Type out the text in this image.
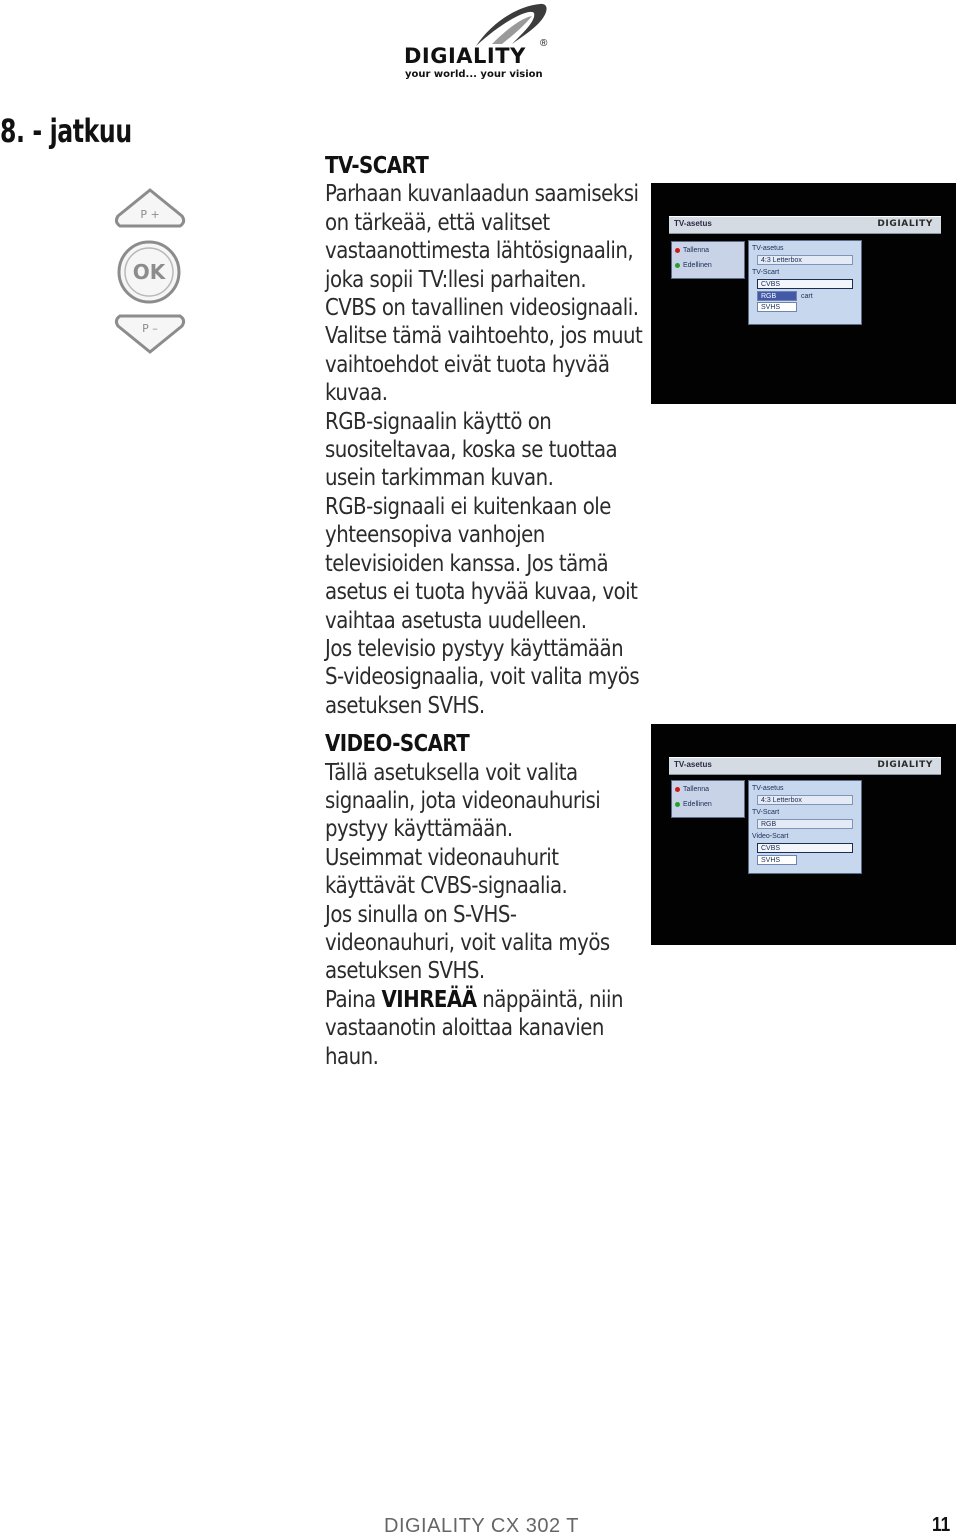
DIGIALITY
®
your world... your vision
8. - jatkuu
OK
P +
P –

TV-SCART

Parhaan kuvanlaadun saamiseksi on tärkeää, että valitset vastaanottimesta lähtösignaalin, joka sopii TV:llesi parhaiten.

CVBS on tavallinen videosignaali. Valitse tämä vaihtoehto, jos muut vaihtoehdot eivät tuota hyvää kuvaa.

RGB-signaalin käyttö on suositeltavaa, koska se tuottaa usein tarkimman kuvan.

RGB-signaali ei kuitenkaan ole yhteensopiva vanhojen televisioiden kanssa. Jos tämä asetus ei tuota hyvää kuvaa, voit vaihtaa asetusta uudelleen.

Jos televisio pystyy käyttämään S-videosignaalia, voit valita myös asetuksen SVHS.

VIDEO-SCART

Tällä asetuksella voit valita signaalin, jota videonauhurisi pystyy käyttämään.

Useimmat videonauhurit käyttävät CVBS-signaalia.

Jos sinulla on S-VHS-videonauhuri, voit valita myös asetuksen SVHS.

Paina VIHREÄÄ näppäintä, niin vastaanotin aloittaa kanavien haun.

TV-asetus	DIGIALITY
Tallenna
Edellinen
TV-asetus
4:3 Letterbox
TV-Scart
CVBS
RGB	cart
SVHS
TV-asetus	DIGIALITY
Tallenna
Edellinen
TV-asetus
4:3 Letterbox
TV-Scart
RGB
Video-Scart
CVBS
SVHS

DIGIALITY CX 302 T	11
